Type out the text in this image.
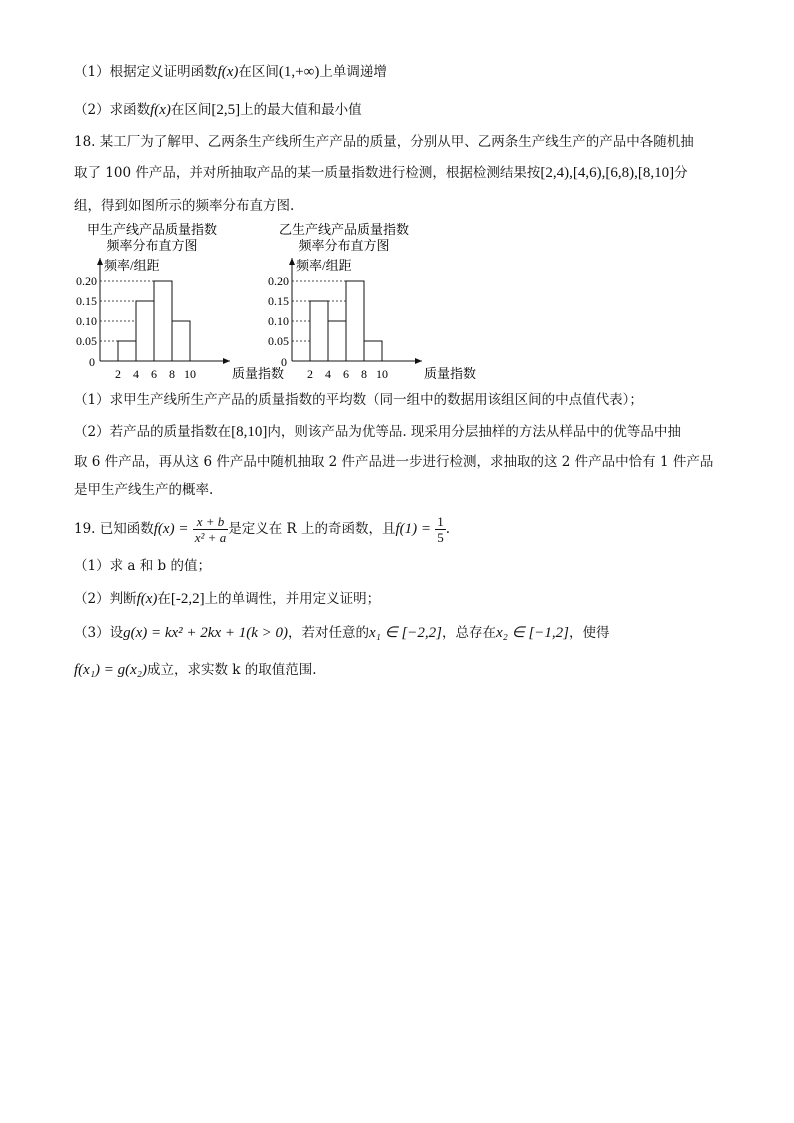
（1）根据定义证明函数f(x)在区间(1,+∞)上单调递增
（2）求函数f(x)在区间[2,5]上的最大值和最小值
18. 某工厂为了解甲、乙两条生产线所生产产品的质量，分别从甲、乙两条生产线生产的产品中各随机抽
取了 100 件产品，并对所抽取产品的某一质量指数进行检测，根据检测结果按[2,4),[4,6),[6,8),[8,10]分
组，得到如图所示的频率分布直方图.
甲生产线产品质量指数
频率分布直方图
频率/组距
质量指数
0
0.05
0.10
0.15
0.20
2 4 6 8 10
乙生产线产品质量指数
频率分布直方图
频率/组距
质量指数
0
0.05
0.10
0.15
0.20
2 4 6 8 10
（1）求甲生产线所生产产品的质量指数的平均数（同一组中的数据用该组区间的中点值代表）；
（2）若产品的质量指数在[8,10]内，则该产品为优等品. 现采用分层抽样的方法从样品中的优等品中抽
取 6 件产品，再从这 6 件产品中随机抽取 2 件产品进一步进行检测，求抽取的这 2 件产品中恰有 1 件产品
是甲生产线生产的概率.
19. 已知函数$f(x) = \frac{x + b}{\text{x² + a}}$ 是定义在 R 上的奇函数，且$f(1) = \frac{1}{5}$ .
（1）求 a 和 b 的值；
（2）判断f(x)在[-2,2]上的单调性，并用定义证明；
（3）设g(x) = kx² + 2kx + 1(k > 0)，若对任意的x₁ ∈ [−2,2]，总存在x₂ ∈ [−1,2]，使得
f(x₁) = g(x₂)成立，求实数 k 的取值范围.
